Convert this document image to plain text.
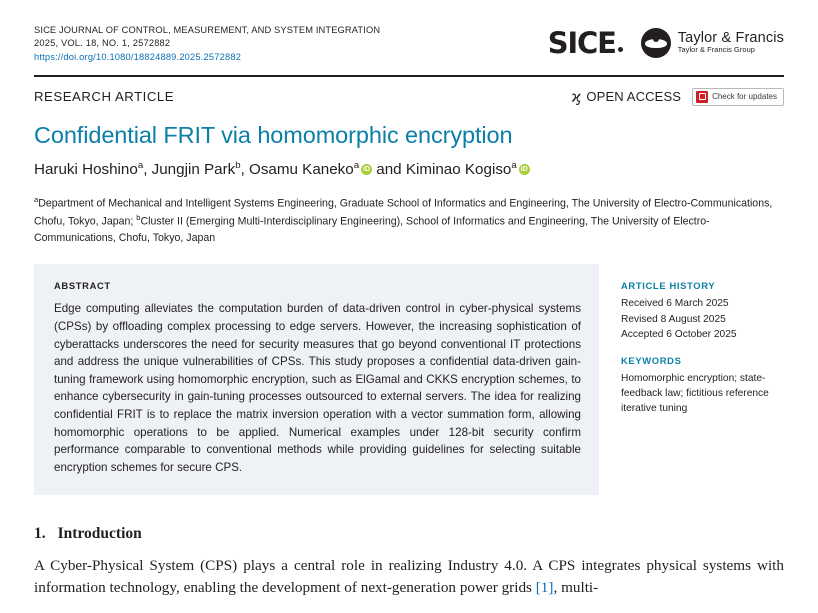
SICE JOURNAL OF CONTROL, MEASUREMENT, AND SYSTEM INTEGRATION
2025, VOL. 18, NO. 1, 2572882
https://doi.org/10.1080/18824889.2025.2572882	SICE	Taylor & Francis
Taylor & Francis Group
RESEARCH ARTICLE	ϗ OPEN ACCESS	Check for updates
Confidential FRIT via homomorphic encryption
Haruki Hoshino$^a$, Jungjin Park$^b$, Osamu Kaneko$^a$iD and Kiminao Kogiso$^a$iD
$^a$Department of Mechanical and Intelligent Systems Engineering, Graduate School of Informatics and Engineering, The University of Electro-Communications, Chofu, Tokyo, Japan; $^b$Cluster II (Emerging Multi-Interdisciplinary Engineering), School of Informatics and Engineering, The University of Electro-Communications, Chofu, Tokyo, Japan
ABSTRACT
Edge computing alleviates the computation burden of data-driven control in cyber-physical systems (CPSs) by offloading complex processing to edge servers. However, the increasing sophistication of cyberattacks underscores the need for security measures that go beyond conventional IT protections and address the unique vulnerabilities of CPSs. This study proposes a confidential data-driven gain-tuning framework using homomorphic encryption, such as ElGamal and CKKS encryption schemes, to enhance cybersecurity in gain-tuning processes outsourced to external servers. The idea for realizing confidential FRIT is to replace the matrix inversion operation with a vector summation form, allowing homomorphic operations to be applied. Numerical examples under 128-bit security confirm performance comparable to conventional methods while providing guidelines for selecting suitable encryption schemes for secure CPS.
ARTICLE HISTORY
Received 6 March 2025
Revised 8 August 2025
Accepted 6 October 2025
KEYWORDS
Homomorphic encryption; state-feedback law; fictitious reference iterative tuning
1. Introduction
A Cyber-Physical System (CPS) plays a central role in realizing Industry 4.0. A CPS integrates physical systems with information technology, enabling the development of next-generation power grids [1], multi-
